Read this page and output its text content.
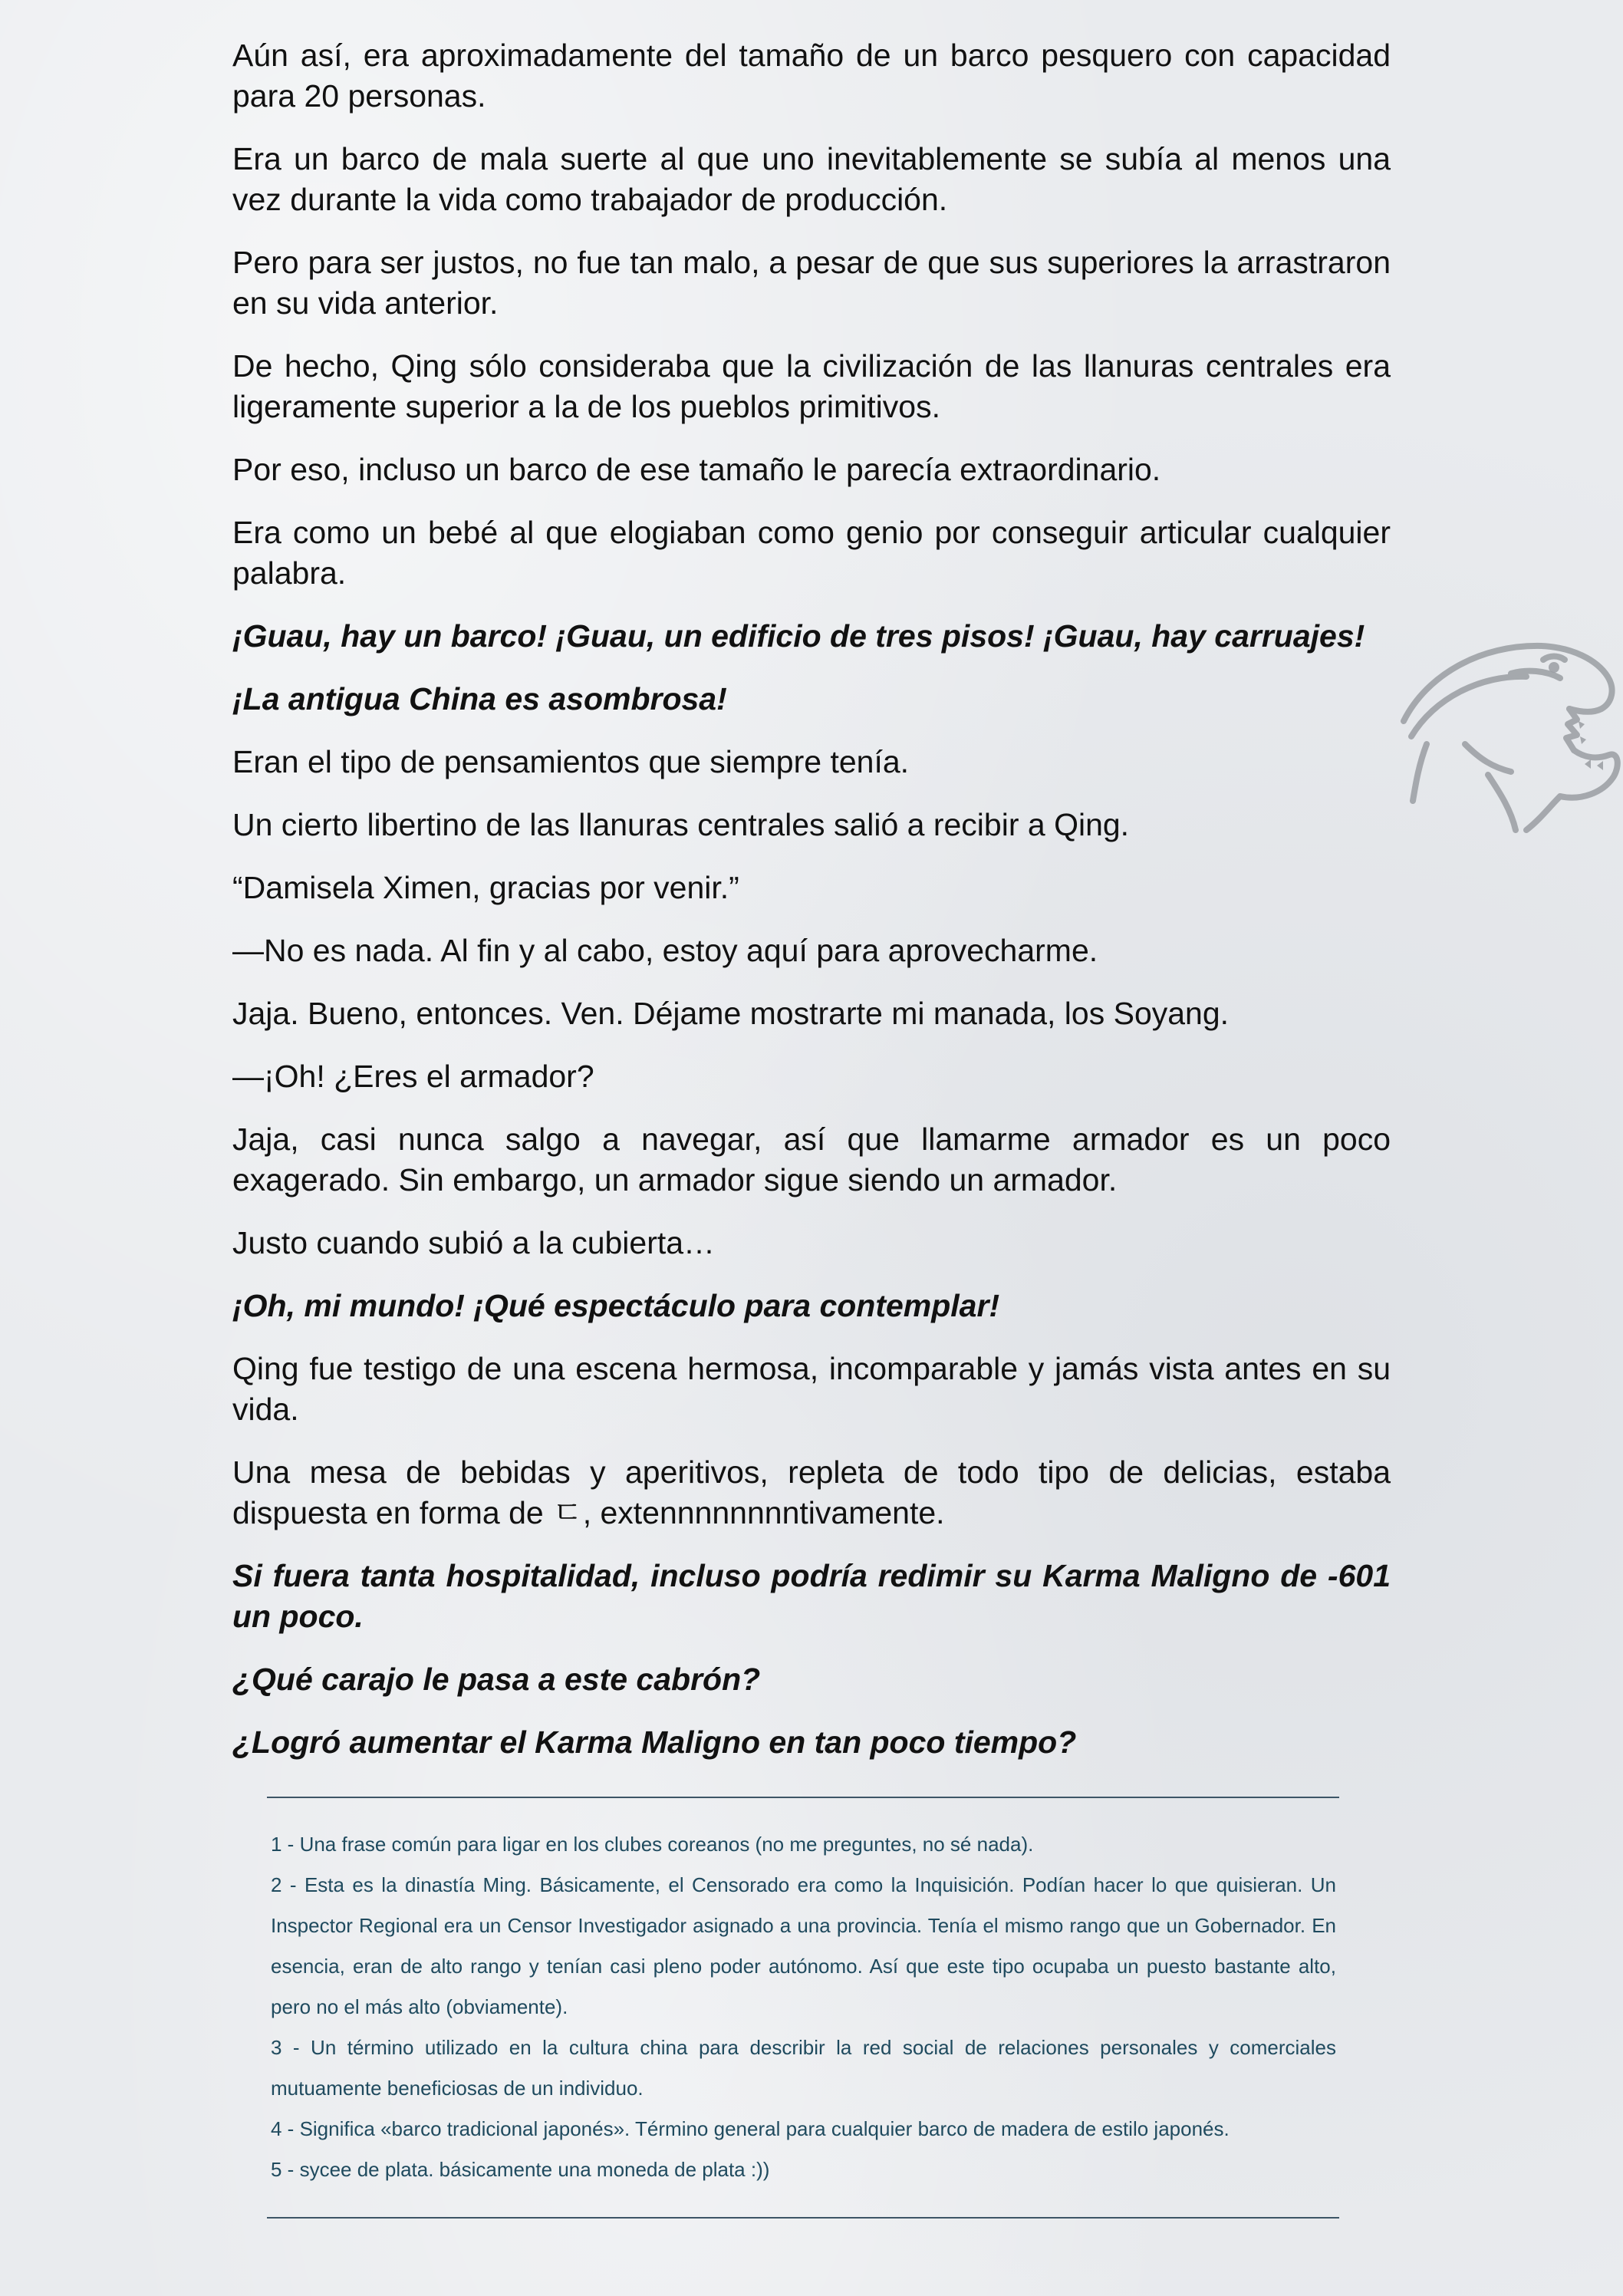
Aún así, era aproximadamente del tamaño de un barco pesquero con capacidad para 20 personas.

Era un barco de mala suerte al que uno inevitablemente se subía al menos una vez durante la vida como trabajador de producción.

Pero para ser justos, no fue tan malo, a pesar de que sus superiores la arrastraron en su vida anterior.

De hecho, Qing sólo consideraba que la civilización de las llanuras centrales era ligeramente superior a la de los pueblos primitivos.

Por eso, incluso un barco de ese tamaño le parecía extraordinario.

Era como un bebé al que elogiaban como genio por conseguir articular cualquier palabra.

¡Guau, hay un barco! ¡Guau, un edificio de tres pisos! ¡Guau, hay carruajes!

¡La antigua China es asombrosa!

Eran el tipo de pensamientos que siempre tenía.

Un cierto libertino de las llanuras centrales salió a recibir a Qing.

“Damisela Ximen, gracias por venir.”

—No es nada. Al fin y al cabo, estoy aquí para aprovecharme.

Jaja. Bueno, entonces. Ven. Déjame mostrarte mi manada, los Soyang.

—¡Oh! ¿Eres el armador?

Jaja, casi nunca salgo a navegar, así que llamarme armador es un poco exagerado. Sin embargo, un armador sigue siendo un armador.

Justo cuando subió a la cubierta…

¡Oh, mi mundo! ¡Qué espectáculo para contemplar!

Qing fue testigo de una escena hermosa, incomparable y jamás vista antes en su vida.

Una mesa de bebidas y aperitivos, repleta de todo tipo de delicias, estaba dispuesta en forma de ㄷ, extennnnnnnntivamente.

Si fuera tanta hospitalidad, incluso podría redimir su Karma Maligno de -601 un poco.

¿Qué carajo le pasa a este cabrón?

¿Logró aumentar el Karma Maligno en tan poco tiempo?

1 - Una frase común para ligar en los clubes coreanos (no me preguntes, no sé nada).
2 - Esta es la dinastía Ming. Básicamente, el Censorado era como la Inquisición. Podían hacer lo que quisieran. Un Inspector Regional era un Censor Investigador asignado a una provincia. Tenía el mismo rango que un Gobernador. En esencia, eran de alto rango y tenían casi pleno poder autónomo. Así que este tipo ocupaba un puesto bastante alto, pero no el más alto (obviamente).
3 - Un término utilizado en la cultura china para describir la red social de relaciones personales y comerciales mutuamente beneficiosas de un individuo.
4 - Significa «barco tradicional japonés». Término general para cualquier barco de madera de estilo japonés.
5 - sycee de plata. básicamente una moneda de plata :))
